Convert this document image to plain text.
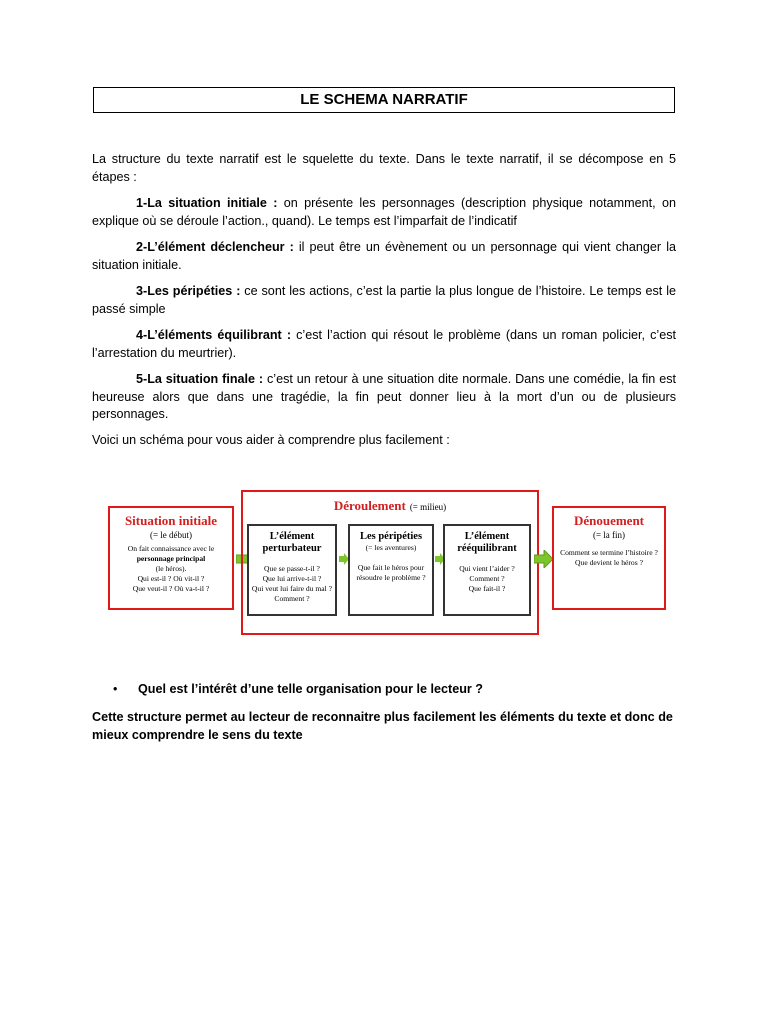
LE SCHEMA NARRATIF

La structure du texte narratif est le squelette du texte. Dans le texte narratif, il se décompose en 5 étapes :

1-La situation initiale : on présente les personnages (description physique notamment, on explique où se déroule l’action., quand). Le temps est l’imparfait de l’indicatif

2-L’élément déclencheur : il peut être un évènement ou un personnage qui vient changer la situation initiale.

3-Les péripéties : ce sont les actions, c’est la partie la plus longue de l’histoire. Le temps est le passé simple

4-L’éléments équilibrant : c’est l’action qui résout le problème (dans un roman policier, c’est l’arrestation du meurtrier).

5-La situation finale : c’est un retour à une situation dite normale. Dans une comédie, la fin est heureuse alors que dans une tragédie, la fin peut donner lieu à la mort d’un ou de plusieurs personnages.

Voici un schéma pour vous aider à comprendre plus facilement :

Situation initiale
(= le début)
On fait connaissance avec le
personnage principal
(le héros).
Qui est-il ? Où vit-il ?
Que veut-il ? Où va-t-il ?
Déroulement (= milieu)
L’élément
perturbateur
Que se passe-t-il ?
Que lui arrive-t-il ?
Qui veut lui faire du mal ?
Comment ?
Les péripéties
(= les aventures)
Que fait le héros pour
résoudre le problème ?
L’élément
rééquilibrant
Qui vient l’aider ?
Comment ?
Que fait-il ?
Dénouement
(= la fin)
Comment se termine l’histoire ?
Que devient le héros ?
• Quel est l’intérêt d’une telle organisation pour le lecteur ?

Cette structure permet au lecteur de reconnaitre plus facilement les éléments du texte et donc de mieux comprendre le sens du texte
